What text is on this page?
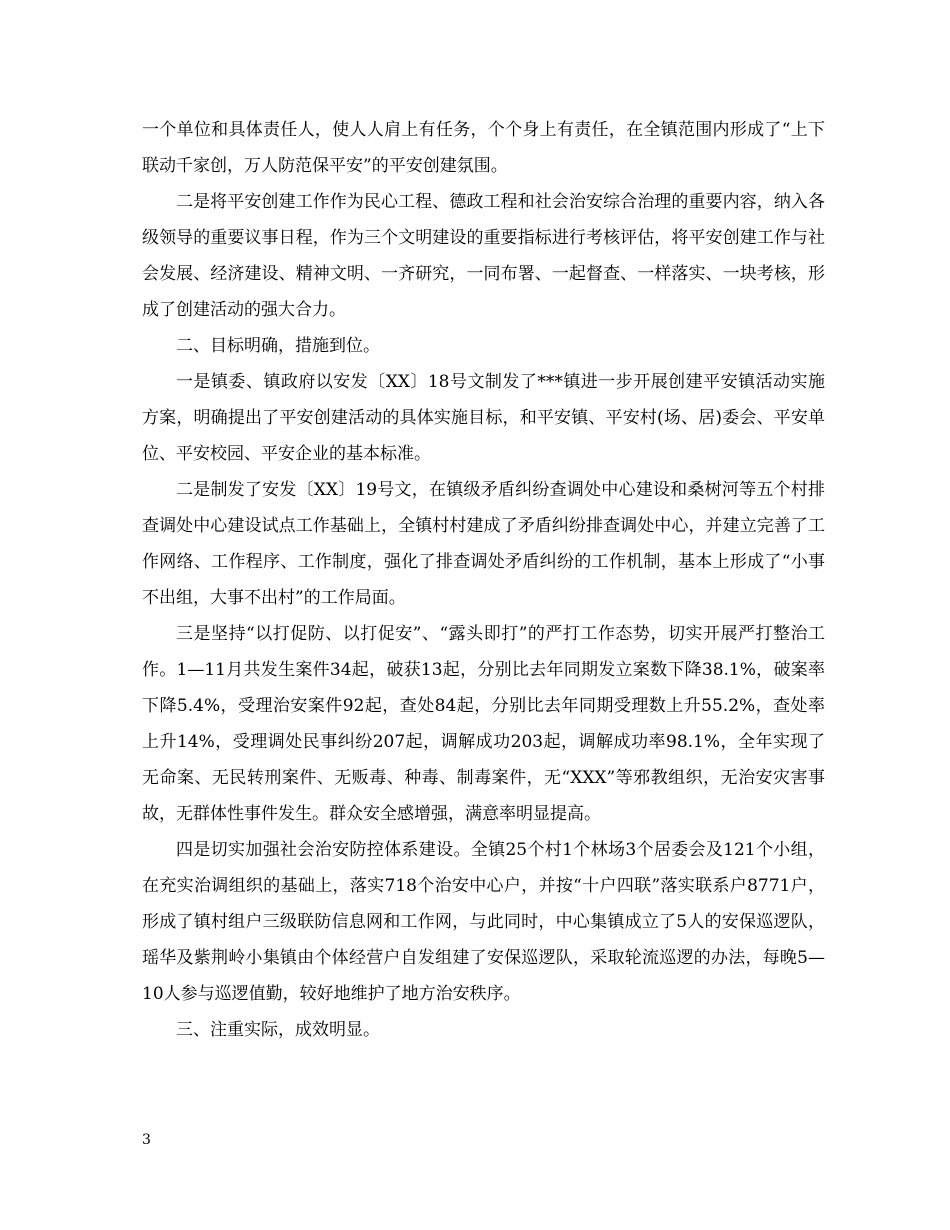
一个单位和具体责任人，使人人肩上有任务，个个身上有责任，在全镇范围内形成了“上下联动千家创，万人防范保平安”的平安创建氛围。

二是将平安创建工作作为民心工程、德政工程和社会治安综合治理的重要内容，纳入各级领导的重要议事日程，作为三个文明建设的重要指标进行考核评估，将平安创建工作与社会发展、经济建设、精神文明、一齐研究，一同布署、一起督查、一样落实、一块考核，形成了创建活动的强大合力。

二、目标明确，措施到位。

一是镇委、镇政府以安发〔XX〕18号文制发了***镇进一步开展创建平安镇活动实施方案，明确提出了平安创建活动的具体实施目标，和平安镇、平安村(场、居)委会、平安单位、平安校园、平安企业的基本标准。

二是制发了安发〔XX〕19号文，在镇级矛盾纠纷查调处中心建设和桑树河等五个村排查调处中心建设试点工作基础上，全镇村村建成了矛盾纠纷排查调处中心，并建立完善了工作网络、工作程序、工作制度，强化了排查调处矛盾纠纷的工作机制，基本上形成了“小事不出组，大事不出村”的工作局面。

三是坚持“以打促防、以打促安”、“露头即打”的严打工作态势，切实开展严打整治工作。1—11月共发生案件34起，破获13起，分别比去年同期发立案数下降38.1%，破案率下降5.4%，受理治安案件92起，查处84起，分别比去年同期受理数上升55.2%，查处率上升14%，受理调处民事纠纷207起，调解成功203起，调解成功率98.1%，全年实现了无命案、无民转刑案件、无贩毒、种毒、制毒案件，无“XXX”等邪教组织，无治安灾害事故，无群体性事件发生。群众安全感增强，满意率明显提高。

四是切实加强社会治安防控体系建设。全镇25个村1个林场3个居委会及121个小组，在充实治调组织的基础上，落实718个治安中心户，并按“十户四联”落实联系户8771户，形成了镇村组户三级联防信息网和工作网，与此同时，中心集镇成立了5人的安保巡逻队，瑶华及紫荆岭小集镇由个体经营户自发组建了安保巡逻队，采取轮流巡逻的办法，每晚5—10人参与巡逻值勤，较好地维护了地方治安秩序。

三、注重实际，成效明显。

3
